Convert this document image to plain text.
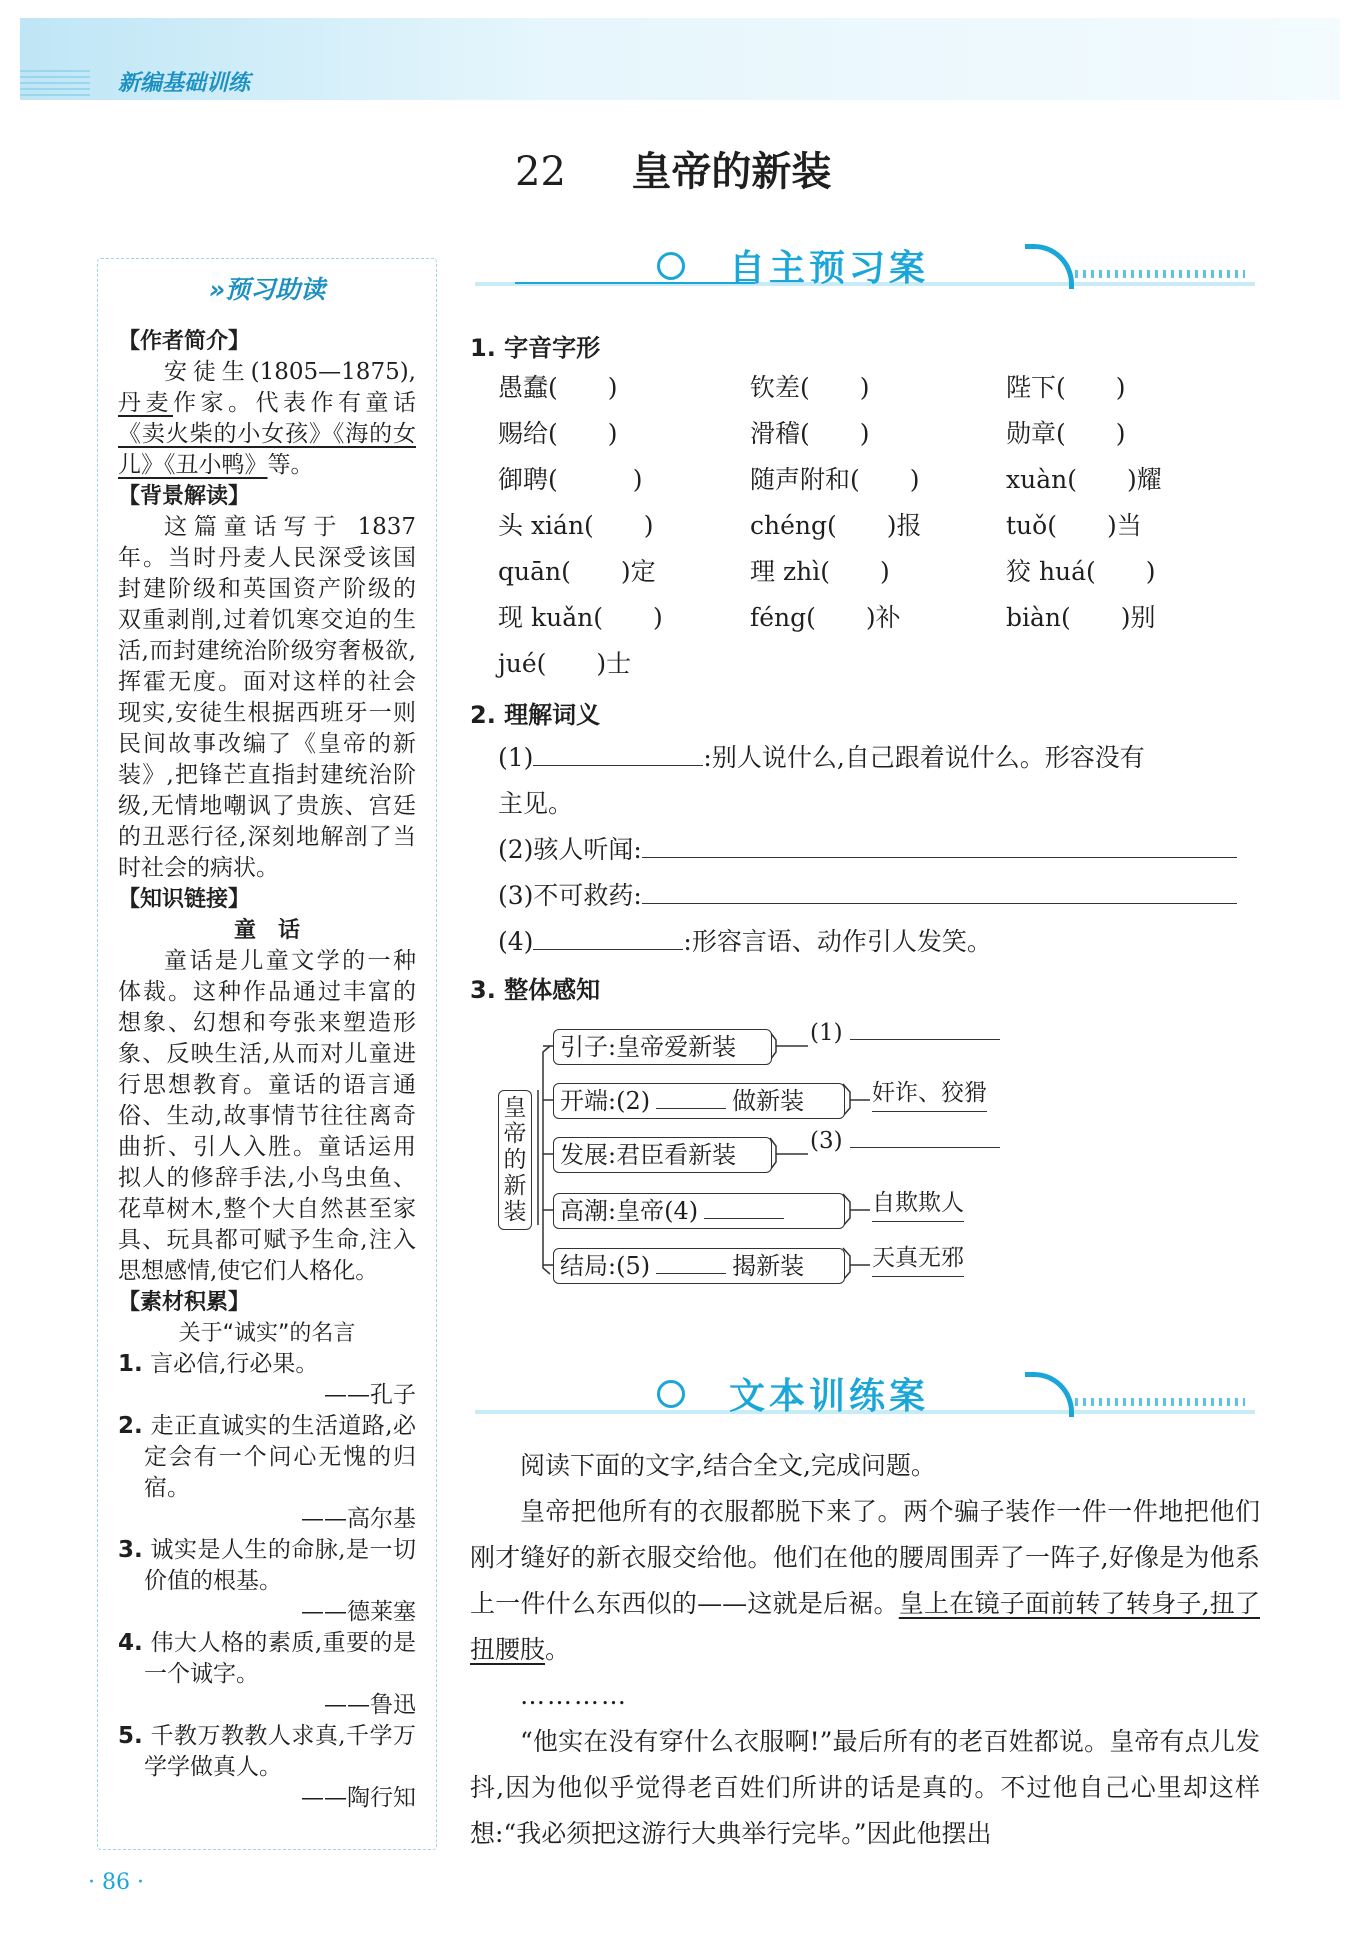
新编基础训练
22 皇帝的新装
»预习助读
【作者简介】
安徒生(1805—1875),丹麦作家。代表作有童话《卖火柴的小女孩》《海的女儿》《丑小鸭》等。
【背景解读】
这篇童话写于 1837 年。当时丹麦人民深受该国封建阶级和英国资产阶级的双重剥削,过着饥寒交迫的生活,而封建统治阶级穷奢极欲,挥霍无度。面对这样的社会现实,安徒生根据西班牙一则民间故事改编了《皇帝的新装》,把锋芒直指封建统治阶级,无情地嘲讽了贵族、宫廷的丑恶行径,深刻地解剖了当时社会的病状。
【知识链接】
童　话
童话是儿童文学的一种体裁。这种作品通过丰富的想象、幻想和夸张来塑造形象、反映生活,从而对儿童进行思想教育。童话的语言通俗、生动,故事情节往往离奇曲折、引人入胜。童话运用拟人的修辞手法,小鸟虫鱼、花草树木,整个大自然甚至家具、玩具都可赋予生命,注入思想感情,使它们人格化。
【素材积累】
关于“诚实”的名言
1. 言必信,行必果。
——孔子
2. 走正直诚实的生活道路,必定会有一个问心无愧的归宿。
——高尔基
3. 诚实是人生的命脉,是一切价值的根基。
——德莱塞
4. 伟大人格的素质,重要的是一个诚字。
——鲁迅
5. 千教万教教人求真,千学万学学做真人。
——陶行知
自主预习案
1. 字音字形
愚蠢(　　)	钦差(　　)	陛下(　　)
赐给(　　)	滑稽(　　)	勋章(　　)
御聘(　　　)	随声附和(　　)	xuàn(　　)耀
头 xián(　　)	chéng(　　)报	tuǒ(　　)当
quān(　　)定	理 zhì(　　)	狡 huá(　　)
现 kuǎn(　　)	féng(　　)补	biàn(　　)别
jué(　　)士
2. 理解词义
(1)	:别人说什么,自己跟着说什么。形容没有
主见。
(2)骇人听闻:
(3)不可救药:
(4)	:形容言语、动作引人发笑。
3. 整体感知
皇帝的新装
引子:皇帝爱新装
开端:(2)	做新装
发展:君臣看新装
高潮:皇帝(4)
结局:(5)	揭新装
(1)
奸诈、狡猾
(3)
自欺欺人
天真无邪
文本训练案
阅读下面的文字,结合全文,完成问题。
皇帝把他所有的衣服都脱下来了。两个骗子装作一件一件地把他们刚才缝好的新衣服交给他。他们在他的腰周围弄了一阵子,好像是为他系上一件什么东西似的——这就是后裾。皇上在镜子面前转了转身子,扭了扭腰肢。
…………
“他实在没有穿什么衣服啊!”最后所有的老百姓都说。皇帝有点儿发抖,因为他似乎觉得老百姓们所讲的话是真的。不过他自己心里却这样想:“我必须把这游行大典举行完毕。”因此他摆出
· 86 ·
